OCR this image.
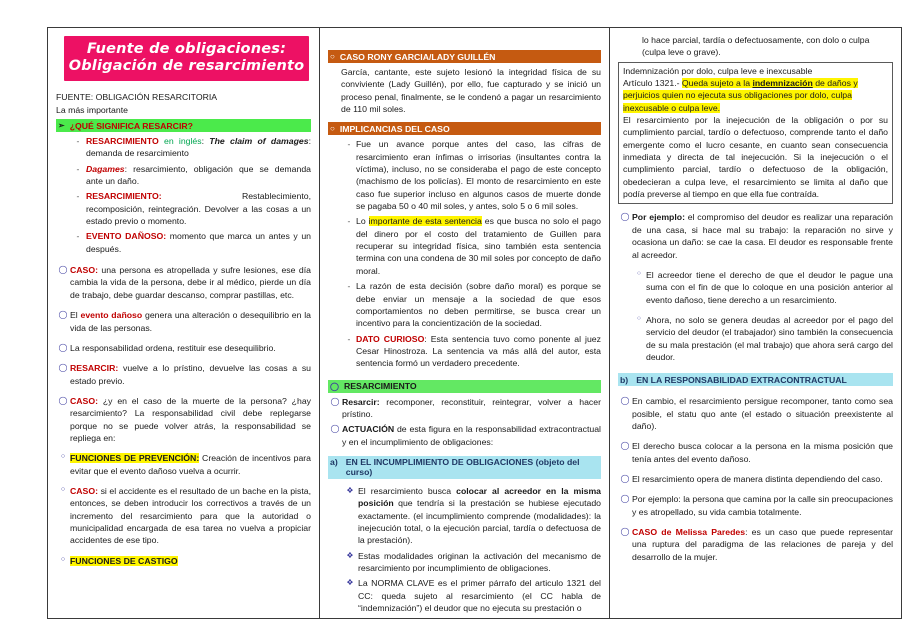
Fuente de obligaciones:
Obligación de resarcimiento
FUENTE: OBLIGACIÓN RESARCITORIA
La más importante
➢ ¿QUÉ SIGNIFICA RESARCIR?
- RESARCIMIENTO en inglés: The claim of damages: demanda de resarcimiento
- Dagames: resarcimiento, obligación que se demanda ante un daño.
- RESARCIMIENTO:	Restablecimiento, recomposición, reintegración. Devolver a las cosas a un estado previo o momento.
- EVENTO DAÑOSO: momento que marca un antes y un después.
◯ CASO: una persona es atropellada y sufre lesiones, ese día cambia la vida de la persona, debe ir al médico, pierde un día de trabajo, debe guardar descanso, comprar pastillas, etc.
◯ El evento dañoso genera una alteración o desequilibrio en la vida de las personas.
◯ La responsabilidad ordena, restituir ese desequilibrio.
◯ RESARCIR: vuelve a lo prístino, devuelve las cosas a su estado previo.
◯ CASO: ¿y en el caso de la muerte de la persona? ¿hay resarcimiento? La responsabilidad civil debe replegarse porque no se puede volver atrás, la responsabilidad se repliega en:
○ FUNCIONES DE PREVENCIÓN: Creación de incentivos para evitar que el evento dañoso vuelva a ocurrir.
○ CASO: si el accidente es el resultado de un bache en la pista, entonces, se deben introducir los correctivos a través de un incremento del resarcimiento para que la autoridad o municipalidad encargada de esa tarea no vuelva a propiciar accidentes de ese tipo.
○ FUNCIONES DE CASTIGO
○ CASO RONY GARCIA/LADY GUILLÉN
García, cantante, este sujeto lesionó la integridad física de su conviviente (Lady Guillén), por ello, fue capturado y se inició un proceso penal, finalmente, se le condenó a pagar un resarcimiento de 110 mil soles.
○ IMPLICANCIAS DEL CASO
- Fue un avance porque antes del caso, las cifras de resarcimiento eran ínfimas o irrisorias (insultantes contra la víctima), incluso, no se consideraba el pago de este concepto (machismo de los policías). El monto de resarcimiento en este caso fue superior incluso en algunos casos de muerte donde se pagaba 50 o 40 mil soles, y antes, solo 5 o 6 mil soles.
- Lo importante de esta sentencia es que busca no solo el pago del dinero por el costo del tratamiento de Guillen para recuperar su integridad física, sino también esta sentencia termina con una condena de 30 mil soles por concepto de daño moral.
- La razón de esta decisión (sobre daño moral) es porque se debe enviar un mensaje a la sociedad de que esos comportamientos no deben permitirse, se busca crear un incentivo para la concientización de la sociedad.
- DATO CURIOSO: Esta sentencia tuvo como ponente al juez Cesar Hinostroza. La sentencia va más allá del autor, esta sentencia formó un verdadero precedente.
◯ RESARCIMIENTO
◯ Resarcir: recomponer, reconstituir, reintegrar, volver a hacer prístino.
◯ ACTUACIÓN de esta figura en la responsabilidad extracontractual y en el incumplimiento de obligaciones:
a) EN EL INCUMPLIMIENTO DE OBLIGACIONES (objeto del curso)
❖ El resarcimiento busca colocar al acreedor en la misma posición que tendría si la prestación se hubiese ejecutado exactamente. (el incumplimiento comprende (modalidades): la inejecución total, o la ejecución parcial, tardía o defectuosa de la prestación).
❖ Estas modalidades originan la activación del mecanismo de resarcimiento por incumplimiento de obligaciones.
❖ La NORMA CLAVE es el primer párrafo del articulo 1321 del CC: queda sujeto al resarcimiento (el CC habla de “indemnización”) el deudor que no ejecuta su prestación o
lo hace parcial, tardía o defectuosamente, con dolo o culpa (culpa leve o grave).
Indemnización por dolo, culpa leve e inexcusable
Artículo 1321.- Queda sujeto a la indemnización de daños y perjuicios quien no ejecuta sus obligaciones por dolo, culpa inexcusable o culpa leve.
El resarcimiento por la inejecución de la obligación o por su cumplimiento parcial, tardío o defectuoso, comprende tanto el daño emergente como el lucro cesante, en cuanto sean consecuencia inmediata y directa de tal inejecución. Si la inejecución o el cumplimiento parcial, tardío o defectuoso de la obligación, obedecieran a culpa leve, el resarcimiento se limita al daño que podía preverse al tiempo en que ella fue contraída.
◯ Por ejemplo: el compromiso del deudor es realizar una reparación de una casa, si hace mal su trabajo: la reparación no sirve y ocasiona un daño: se cae la casa. El deudor es responsable frente al acreedor.
○ El acreedor tiene el derecho de que el deudor le pague una suma con el fin de que lo coloque en una posición anterior al evento dañoso, tiene derecho a un resarcimiento.
○ Ahora, no solo se genera deudas al acreedor por el pago del servicio del deudor (el trabajador) sino también la consecuencia de su mala prestación (el mal trabajo) que ahora será cargo del deudor.
b) EN LA RESPONSABILIDAD EXTRACONTRACTUAL
◯ En cambio, el resarcimiento persigue recomponer, tanto como sea posible, el statu quo ante (el estado o situación preexistente al daño).
◯ El derecho busca colocar a la persona en la misma posición que tenía antes del evento dañoso.
◯ El resarcimiento opera de manera distinta dependiendo del caso.
◯ Por ejemplo: la persona que camina por la calle sin preocupaciones y es atropellado, su vida cambia totalmente.
◯ CASO de Melissa Paredes: es un caso que puede representar una ruptura del paradigma de las relaciones de pareja y del desarrollo de la mujer.
